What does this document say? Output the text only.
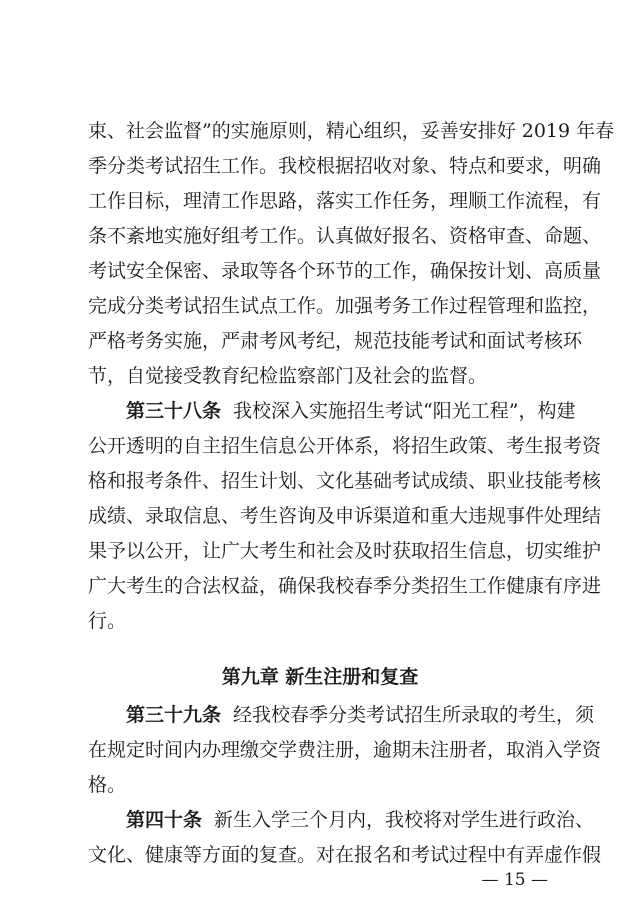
束、社会监督”的实施原则，精心组织，妥善安排好 2019 年春
季分类考试招生工作。我校根据招收对象、特点和要求，明确
工作目标，理清工作思路，落实工作任务，理顺工作流程，有
条不紊地实施好组考工作。认真做好报名、资格审查、命题、
考试安全保密、录取等各个环节的工作，确保按计划、高质量
完成分类考试招生试点工作。加强考务工作过程管理和监控，
严格考务实施，严肃考风考纪，规范技能考试和面试考核环
节，自觉接受教育纪检监察部门及社会的监督。
第三十八条 我校深入实施招生考试“阳光工程”，构建
公开透明的自主招生信息公开体系，将招生政策、考生报考资
格和报考条件、招生计划、文化基础考试成绩、职业技能考核
成绩、录取信息、考生咨询及申诉渠道和重大违规事件处理结
果予以公开，让广大考生和社会及时获取招生信息，切实维护
广大考生的合法权益，确保我校春季分类招生工作健康有序进
行。
第九章 新生注册和复查
第三十九条 经我校春季分类考试招生所录取的考生，须
在规定时间内办理缴交学费注册，逾期未注册者，取消入学资
格。
第四十条 新生入学三个月内，我校将对学生进行政治、
文化、健康等方面的复查。对在报名和考试过程中有弄虚作假
— 15 —
